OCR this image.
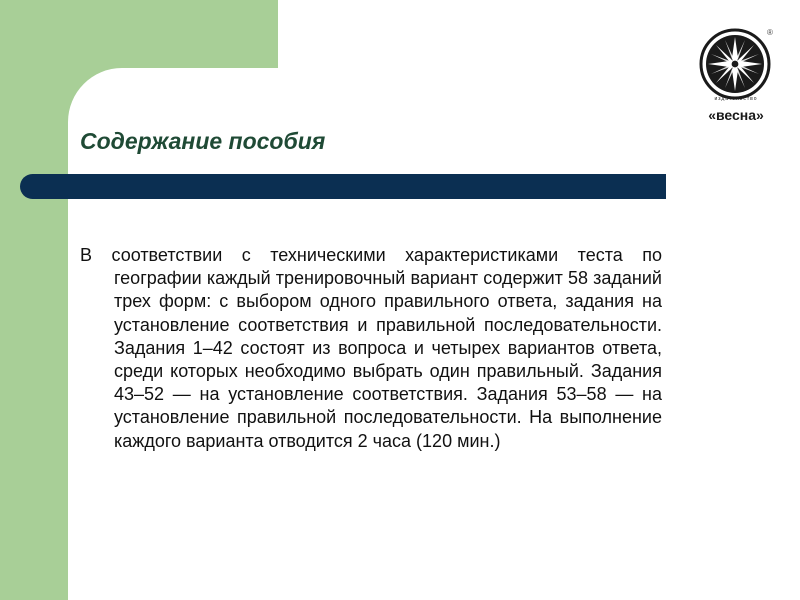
Содержание пособия

В соответствии с техническими характеристиками теста по географии каждый тренировочный вариант содержит 58 заданий трех форм: с выбором одного правильного ответа, задания на установление соответствия и правильной последовательности. Задания 1–42 состоят из вопроса и четырех вариантов ответа, среди которых необходимо выбрать один правильный. Задания 43–52 — на установление соответствия. Задания 53–58 — на установление правильной последовательности. На выполнение каждого варианта отводится 2 часа (120 мин.)

®
издательство
«весна»
